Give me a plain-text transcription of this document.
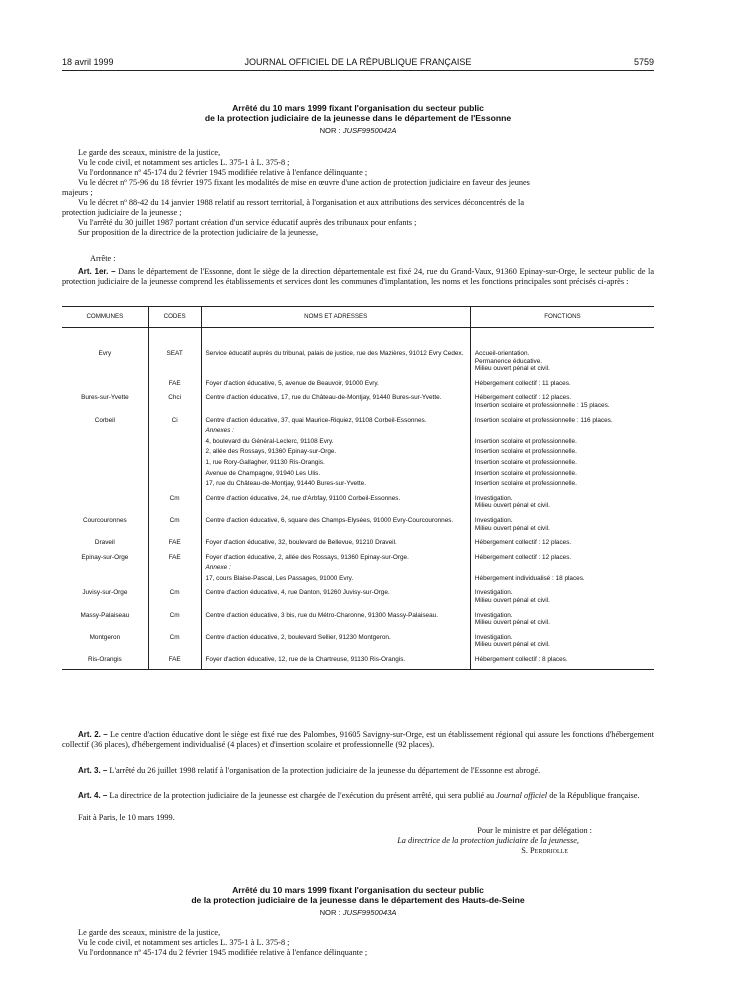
18 avril 1999	JOURNAL OFFICIEL DE LA RÉPUBLIQUE FRANÇAISE	5759
Arrêté du 10 mars 1999 fixant l'organisation du secteur public
de la protection judiciaire de la jeunesse dans le département de l'Essonne
NOR : JUSF9950042A
Le garde des sceaux, ministre de la justice,
Vu le code civil, et notamment ses articles L. 375-1 à L. 375-8 ;
Vu l'ordonnance nº 45-174 du 2 février 1945 modifiée relative à l'enfance délinquante ;
Vu le décret nº 75-96 du 18 février 1975 fixant les modalités de mise en œuvre d'une action de protection judiciaire en faveur des jeunes
majeurs ;
Vu le décret nº 88-42 du 14 janvier 1988 relatif au ressort territorial, à l'organisation et aux attributions des services déconcentrés de la
protection judiciaire de la jeunesse ;
Vu l'arrêté du 30 juillet 1987 portant création d'un service éducatif auprès des tribunaux pour enfants ;
Sur proposition de la directrice de la protection judiciaire de la jeunesse,
Arrête :
Art. 1er. – Dans le département de l'Essonne, dont le siège de la direction départementale est fixé 24, rue du Grand-Vaux, 91360 Epinay-sur-Orge, le secteur public de la protection judiciaire de la jeunesse comprend les établissements et services dont les communes d'implantation, les noms et les fonctions principales sont précisés ci-après :
COMMUNES	CODES	NOMS ET ADRESSES	FONCTIONS
Evry	SEAT	Service éducatif auprès du tribunal, palais de justice, rue des Mazières, 91012 Evry Cedex.	Accueil-orientation.
Permanence éducative.
Milieu ouvert pénal et civil.

	FAE	Foyer d'action éducative, 5, avenue de Beauvoir, 91000 Evry.	Hébergement collectif : 11 places.

Bures-sur-Yvette	Chci	Centre d'action éducative, 17, rue du Château-de-Montjay, 91440 Bures-sur-Yvette.	Hébergement collectif : 12 places.
Insertion scolaire et professionnelle : 15 places.

Corbeil	Ci	Centre d'action éducative, 37, quai Maurice-Riquiez, 91108 Corbeil-Essonnes.	Insertion scolaire et professionnelle : 116 places.

		Annexes :	
		4, boulevard du Général-Leclerc, 91108 Evry.	Insertion scolaire et professionnelle.

		2, allée des Rossays, 91360 Epinay-sur-Orge.	Insertion scolaire et professionnelle.

		1, rue Rory-Gallagher, 91130 Ris-Orangis.	Insertion scolaire et professionnelle.

		Avenue de Champagne, 91940 Les Ulis.	Insertion scolaire et professionnelle.

		17, rue du Château-de-Montjay, 91440 Bures-sur-Yvette.	Insertion scolaire et professionnelle.

	Cm	Centre d'action éducative, 24, rue d'Arbfay, 91100 Corbeil-Essonnes.	Investigation.
Milieu ouvert pénal et civil.

Courcouronnes	Cm	Centre d'action éducative, 6, square des Champs-Elysées, 91000 Evry-Courcouronnes.	Investigation.
Milieu ouvert pénal et civil.

Draveil	FAE	Foyer d'action éducative, 32, boulevard de Bellevue, 91210 Draveil.	Hébergement collectif : 12 places.

Epinay-sur-Orge	FAE	Foyer d'action éducative, 2, allée des Rossays, 91360 Epinay-sur-Orge.	Hébergement collectif : 12 places.

		Annexe :	
		17, cours Blaise-Pascal, Les Passages, 91000 Evry.	Hébergement individualisé : 18 places.

Juvisy-sur-Orge	Cm	Centre d'action éducative, 4, rue Danton, 91260 Juvisy-sur-Orge.	Investigation.
Milieu ouvert pénal et civil.

Massy-Palaiseau	Cm	Centre d'action éducative, 3 bis, rue du Métro-Charonne, 91300 Massy-Palaiseau.	Investigation.
Milieu ouvert pénal et civil.

Montgeron	Cm	Centre d'action éducative, 2, boulevard Sellier, 91230 Montgeron.	Investigation.
Milieu ouvert pénal et civil.

Ris-Orangis	FAE	Foyer d'action éducative, 12, rue de la Chartreuse, 91130 Ris-Orangis.	Hébergement collectif : 8 places.
Art. 2. – Le centre d'action éducative dont le siège est fixé rue des Palombes, 91605 Savigny-sur-Orge, est un établissement régional qui assure les fonctions d'hébergement collectif (36 places), d'hébergement individualisé (4 places) et d'insertion scolaire et professionnelle (92 places).
Art. 3. – L'arrêté du 26 juillet 1998 relatif à l'organisation de la protection judiciaire de la jeunesse du département de l'Essonne est abrogé.
Art. 4. – La directrice de la protection judiciaire de la jeunesse est chargée de l'exécution du présent arrêté, qui sera publié au Journal officiel de la République française.
Fait à Paris, le 10 mars 1999.
Pour le ministre et par délégation :
La directrice de la protection judiciaire de la jeunesse,
S. Perdriolle
Arrêté du 10 mars 1999 fixant l'organisation du secteur public
de la protection judiciaire de la jeunesse dans le département des Hauts-de-Seine
NOR : JUSF9950043A
Le garde des sceaux, ministre de la justice,
Vu le code civil, et notamment ses articles L. 375-1 à L. 375-8 ;
Vu l'ordonnance nº 45-174 du 2 février 1945 modifiée relative à l'enfance délinquante ;
